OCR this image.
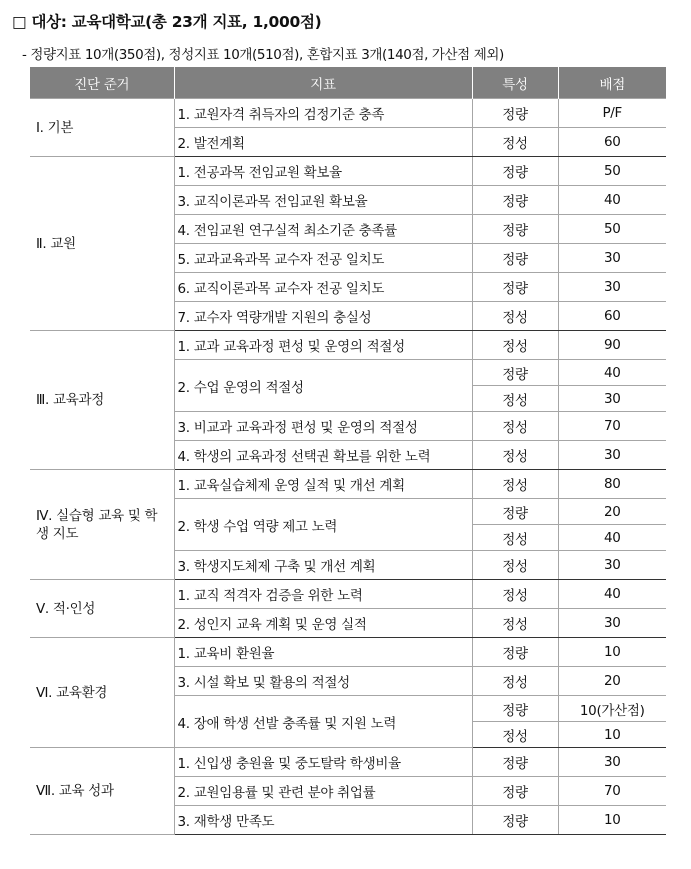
□ 대상: 교육대학교(총 23개 지표, 1,000점)
- 정량지표 10개(350점), 정성지표 10개(510점), 혼합지표 3개(140점, 가산점 제외)
진단 준거	지표	특성	배점
Ⅰ. 기본	1. 교원자격 취득자의 검정기준 충족	정량	P/F
	2. 발전계획	정성	60
Ⅱ. 교원	1. 전공과목 전임교원 확보율	정량	50
	3. 교직이론과목 전임교원 확보율	정량	40
	4. 전임교원 연구실적 최소기준 충족률	정량	50
	5. 교과교육과목 교수자 전공 일치도	정량	30
	6. 교직이론과목 교수자 전공 일치도	정량	30
	7. 교수자 역량개발 지원의 충실성	정성	60
Ⅲ. 교육과정	1. 교과 교육과정 편성 및 운영의 적절성	정성	90
	2. 수업 운영의 적절성	정량	40
		정성	30
	3. 비교과 교육과정 편성 및 운영의 적절성	정성	70
	4. 학생의 교육과정 선택권 확보를 위한 노력	정성	30
Ⅳ. 실습형 교육 및 학생 지도	1. 교육실습체제 운영 실적 및 개선 계획	정성	80
	2. 학생 수업 역량 제고 노력	정량	20
		정성	40
	3. 학생지도체제 구축 및 개선 계획	정성	30
Ⅴ. 적·인성	1. 교직 적격자 검증을 위한 노력	정성	40
	2. 성인지 교육 계획 및 운영 실적	정성	30
Ⅵ. 교육환경	1. 교육비 환원율	정량	10
	3. 시설 확보 및 활용의 적절성	정성	20
	4. 장애 학생 선발 충족률 및 지원 노력	정량	10(가산점)
		정성	10
Ⅶ. 교육 성과	1. 신입생 충원율 및 중도탈락 학생비율	정량	30
	2. 교원임용률 및 관련 분야 취업률	정량	70
	3. 재학생 만족도	정량	10
